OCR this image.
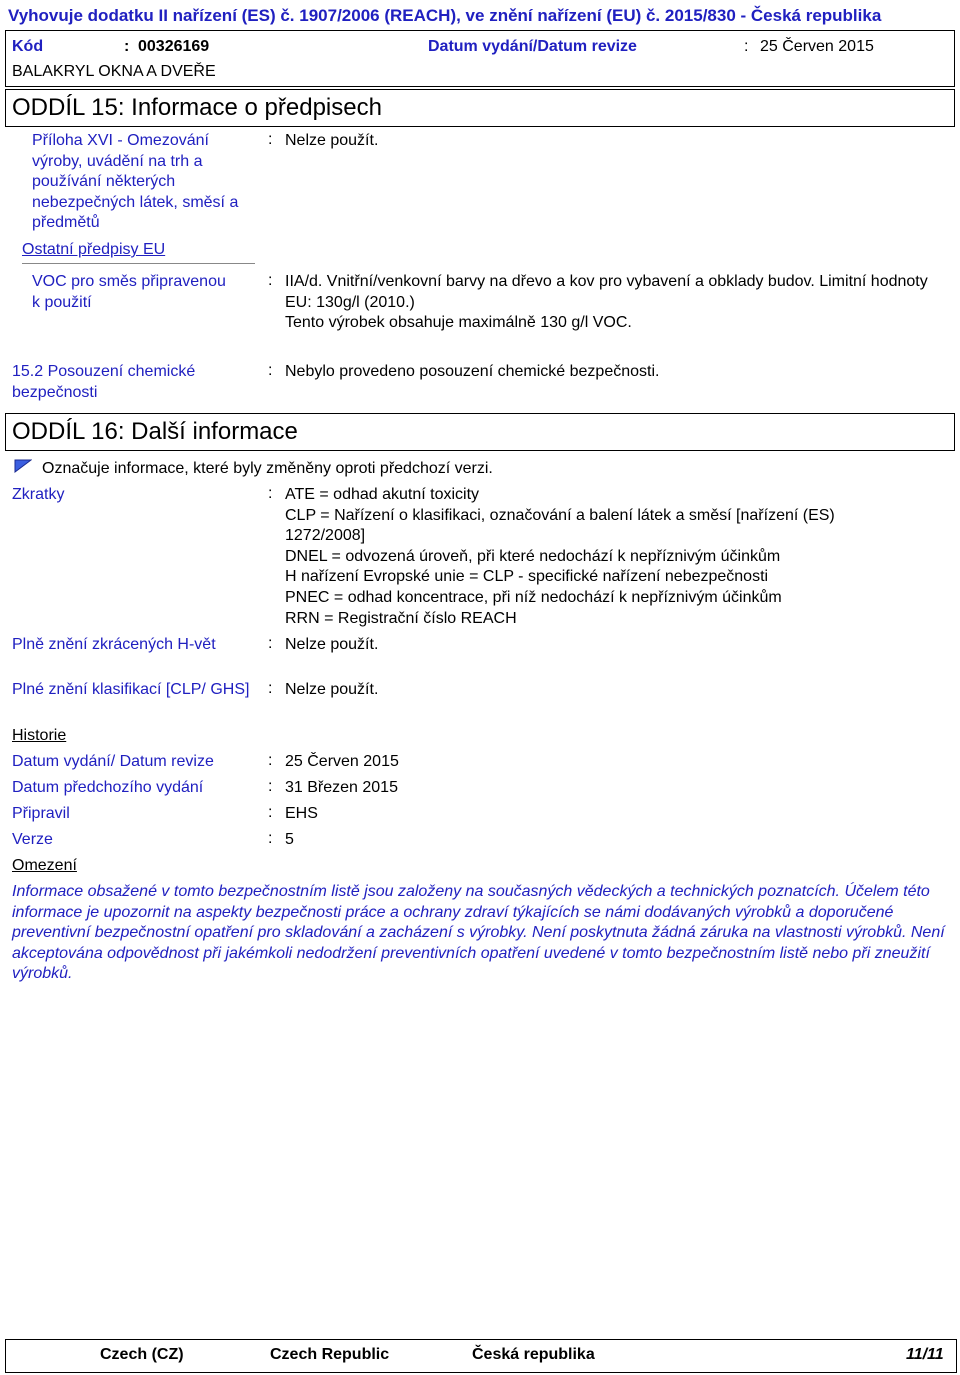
Vyhovuje dodatku II nařízení (ES) č. 1907/2006 (REACH), ve znění nařízení (EU) č. 2015/830 - Česká republika
Kód	: 00326169	Datum vydání/Datum revize	: 25 Červen 2015
BALAKRYL OKNA A DVEŘE
ODDÍL 15: Informace o předpisech
Příloha XVI - Omezování výroby, uvádění na trh a používání některých nebezpečných látek, směsí a předmětů
: Nelze použít.
Ostatní předpisy EU
VOC pro směs připravenou k použití
: IIA/d. Vnitřní/venkovní barvy na dřevo a kov pro vybavení a obklady budov. Limitní hodnoty EU: 130g/l (2010.)
Tento výrobek obsahuje maximálně 130 g/l VOC.
15.2 Posouzení chemické bezpečnosti
: Nebylo provedeno posouzení chemické bezpečnosti.
ODDÍL 16: Další informace
Označuje informace, které byly změněny oproti předchozí verzi.
Zkratky	: ATE = odhad akutní toxicity
CLP = Nařízení o klasifikaci, označování a balení látek a směsí [nařízení (ES) 1272/2008]
DNEL = odvozená úroveň, při které nedochází k nepříznivým účinkům
H nařízení Evropské unie = CLP - specifické nařízení nebezpečnosti
PNEC = odhad koncentrace, při níž nedochází k nepříznivým účinkům
RRN = Registrační číslo REACH
Plně znění zkrácených H-vět	: Nelze použít.
Plné znění klasifikací [CLP/ GHS] : Nelze použít.
Historie
Datum vydání/ Datum revize	: 25 Červen 2015
Datum předchozího vydání	: 31 Březen 2015
Připravil	: EHS
Verze	: 5
Omezení
Informace obsažené v tomto bezpečnostním listě jsou založeny na současných vědeckých a technických poznatcích. Účelem této informace je upozornit na aspekty bezpečnosti práce a ochrany zdraví týkajících se námi dodávaných výrobků a doporučené preventivní bezpečnostní opatření pro skladování a zacházení s výrobky. Není poskytnuta žádná záruka na vlastnosti výrobků. Není akceptována odpovědnost při jakémkoli nedodržení preventivních opatření uvedené v tomto bezpečnostním listě nebo při zneužití výrobků.
Czech (CZ)	Czech Republic	Česká republika	11/11
